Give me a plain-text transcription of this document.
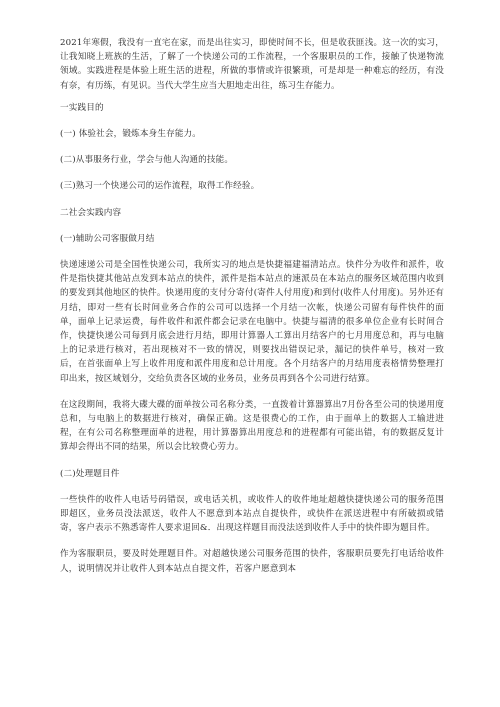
2021年寒假，我没有一直宅在家，而是出往实习，即使时间不长，但是收获匪浅。这一次的实习，让我知晓上班族的生活，了解了一个快递公司的工作流程，一个客服职员的工作，接触了快递物流领域。实践进程是体验上班生活的进程，所做的事情或许很繁琐，可是却是一种难忘的经历，有没有奈，有历练，有见识。当代大学生应当大胆地走出往，练习生存能力。

一实践目的

(一) 体验社会，锻炼本身生存能力。

(二)从事服务行业，学会与他人沟通的技能。

(三)熟习一个快递公司的运作流程，取得工作经验。

二社会实践内容

(一)辅助公司客服做月结

快递速递公司是全国性快递公司，我所实习的地点是快捷福建福清站点。快件分为收件和派件，收件是指快捷其他站点发到本站点的快件，派件是指本站点的速派员在本站点的服务区域范围内收到的要发到其他地区的快件。快递用度的支付分寄付(寄件人付用度)和到付(收件人付用度)。另外还有月结，即对一些有长时间业务合作的公司可以选择一个月结一次帐，快递公司留有每件快件的面单，面单上记录运费，每件收件和派件都会记录在电脑中。快捷与福清的很多单位企业有长时间合作，快捷快递公司每到月底会进行月结，即用计算器人工算出月结客户的七月用度总和，再与电脑上的记录进行核对，若出现核对不一致的情况，则要找出错误记录，漏记的快件单号，核对一致后，在首张面单上写上收件用度和派件用度和总计用度。各个月结客户的月结用度表格情势整理打印出来，按区域划分，交给负责各区域的业务员，业务员再到各个公司进行结算。

在这段期间，我将大碟大碟的面单按公司名称分类，一直拨着计算器算出7月份各至公司的快递用度总和，与电脑上的数据进行核对，确保正确。这是很费心的工作，由于面单上的数据人工输进进程，在有公司名称整理面单的进程，用计算器算出用度总和的进程都有可能出错，有的数据反复计算却会得出不同的结果，所以会比较费心劳力。

(二)处理题目件

一些快件的收件人电话号码错误，或电话关机，或收件人的收件地址超越快捷快递公司的服务范围即超区，业务员没法派送，收件人不愿意到本站点自提快件，或快件在派送进程中有所破损或错寄，客户表示不熟悉寄件人要求退回&．出现这样题目而没法送到收件人手中的快件即为题目件。

作为客服职员，要及时处理题目件。对超越快递公司服务范围的快件，客服职员要先打电话给收件人，说明情况并让收件人到本站点自提文件，若客户愿意到本
